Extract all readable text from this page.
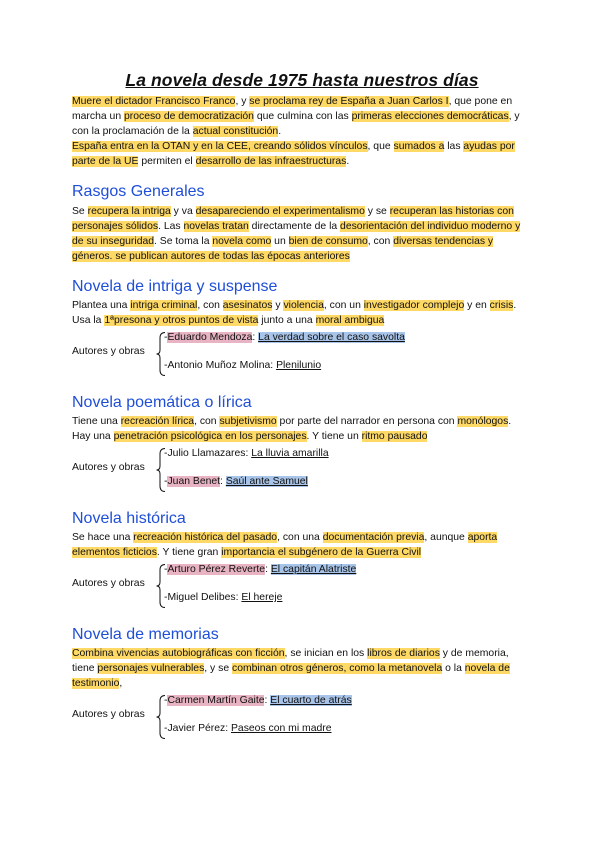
La novela desde 1975 hasta nuestros días

Muere el dictador Francisco Franco, y se proclama rey de España a Juan Carlos I, que pone en marcha un proceso de democratización que culmina con las primeras elecciones democráticas, y con la proclamación de la actual constitución.

España entra en la OTAN y en la CEE, creando sólidos vínculos, que sumados a las ayudas por parte de la UE permiten el desarrollo de las infraestructuras.

Rasgos Generales

Se recupera la intriga y va desapareciendo el experimentalismo y se recuperan las historias con personajes sólidos. Las novelas tratan directamente de la desorientación del individuo moderno y de su inseguridad. Se toma la novela como un bien de consumo, con diversas tendencias y géneros. se publican autores de todas las épocas anteriores

Novela de intriga y suspense

Plantea una intriga criminal, con asesinatos y violencia, con un investigador complejo y en crisis. Usa la 1ªpresona y otros puntos de vista junto a una moral ambigua

Autores y obras
-Eduardo Mendoza: La verdad sobre el caso savolta
-Antonio Muñoz Molina: Plenilunio
Novela poemática o lírica

Tiene una recreación lírica, con subjetivismo por parte del narrador en persona con monólogos. Hay una penetración psicológica en los personajes. Y tiene un ritmo pausado

Autores y obras
-Julio Llamazares: La lluvia amarilla
-Juan Benet: Saúl ante Samuel
Novela histórica

Se hace una recreación histórica del pasado, con una documentación previa, aunque aporta elementos ficticios. Y tiene gran importancia el subgénero de la Guerra Civil

Autores y obras
-Arturo Pérez Reverte: El capitán Alatriste
-Miguel Delibes: El hereje
Novela de memorias

Combina vivencias autobiográficas con ficción, se inician en los libros de diarios y de memoria, tiene personajes vulnerables, y se combinan otros géneros, como la metanovela o la novela de testimonio,

Autores y obras
-Carmen Martín Gaite: El cuarto de atrás
-Javier Pérez: Paseos con mi madre
